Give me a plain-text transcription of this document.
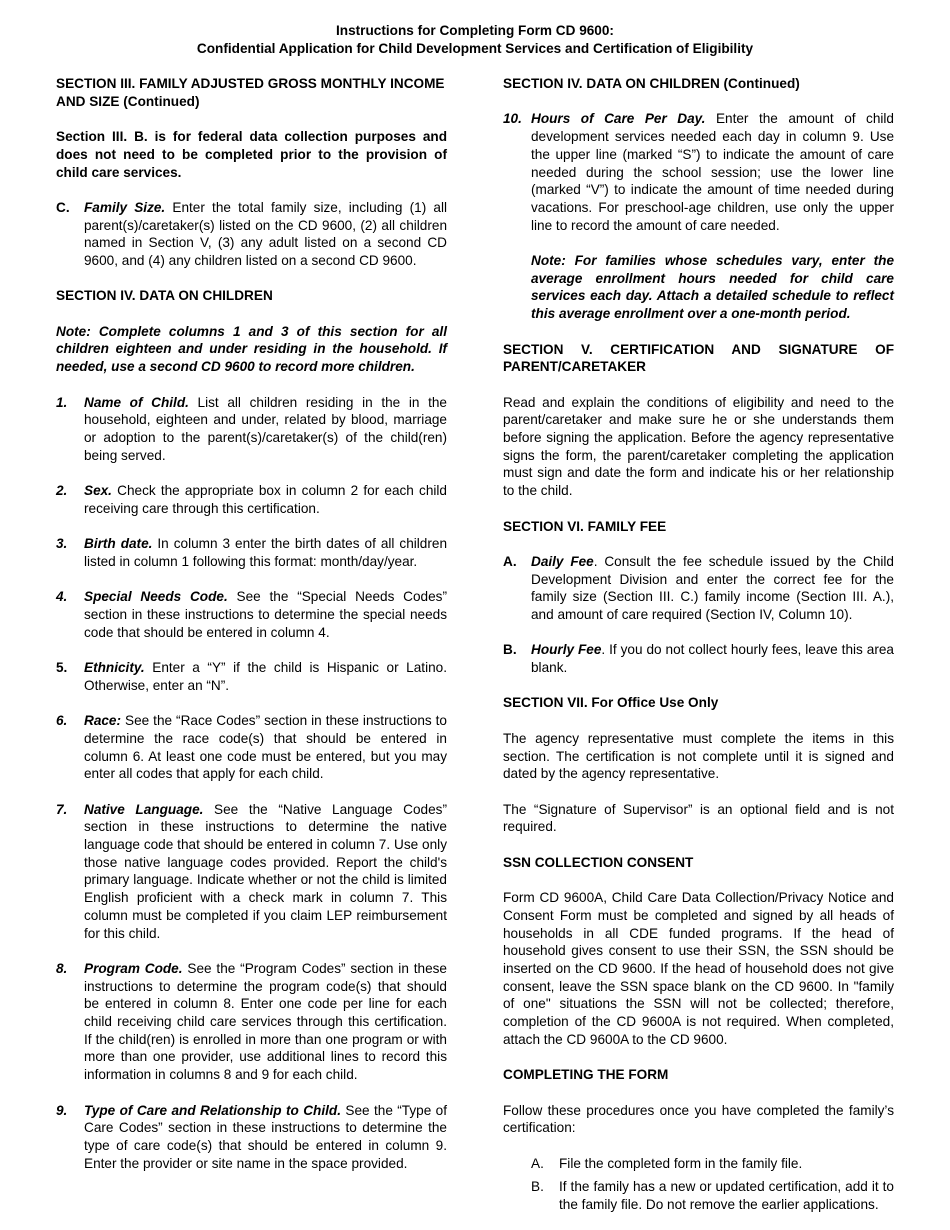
Instructions for Completing Form CD 9600:
Confidential Application for Child Development Services and Certification of Eligibility
SECTION III. FAMILY ADJUSTED GROSS MONTHLY INCOME AND SIZE (Continued)
Section III. B. is for federal data collection purposes and does not need to be completed prior to the provision of child care services.
C.	Family Size. Enter the total family size, including (1) all parent(s)/caretaker(s) listed on the CD 9600, (2) all children named in Section V, (3) any adult listed on a second CD 9600, and (4) any children listed on a second CD 9600.
SECTION IV. DATA ON CHILDREN
Note: Complete columns 1 and 3 of this section for all children eighteen and under residing in the household. If needed, use a second CD 9600 to record more children.
1.	Name of Child. List all children residing in the in the household, eighteen and under, related by blood, marriage or adoption to the parent(s)/caretaker(s) of the child(ren) being served.
2.	Sex. Check the appropriate box in column 2 for each child receiving care through this certification.
3.	Birth date. In column 3 enter the birth dates of all children listed in column 1 following this format: month/day/year.
4.	Special Needs Code. See the “Special Needs Codes” section in these instructions to determine the special needs code that should be entered in column 4.
5.	Ethnicity. Enter a “Y” if the child is Hispanic or Latino. Otherwise, enter an “N”.
6.	Race: See the “Race Codes” section in these instructions to determine the race code(s) that should be entered in column 6. At least one code must be entered, but you may enter all codes that apply for each child.
7.	Native Language. See the “Native Language Codes” section in these instructions to determine the native language code that should be entered in column 7. Use only those native language codes provided. Report the child's primary language. Indicate whether or not the child is limited English proficient with a check mark in column 7. This column must be completed if you claim LEP reimbursement for this child.
8.	Program Code. See the “Program Codes” section in these instructions to determine the program code(s) that should be entered in column 8. Enter one code per line for each child receiving child care services through this certification. If the child(ren) is enrolled in more than one program or with more than one provider, use additional lines to record this information in columns 8 and 9 for each child.
9.	Type of Care and Relationship to Child. See the “Type of Care Codes” section in these instructions to determine the type of care code(s) that should be entered in column 9. Enter the provider or site name in the space provided.
SECTION IV. DATA ON CHILDREN (Continued)
10. Hours of Care Per Day. Enter the amount of child development services needed each day in column 9. Use the upper line (marked “S”) to indicate the amount of care needed during the school session; use the lower line (marked “V”) to indicate the amount of time needed during vacations. For preschool-age children, use only the upper line to record the amount of care needed.
Note: For families whose schedules vary, enter the average enrollment hours needed for child care services each day. Attach a detailed schedule to reflect this average enrollment over a one-month period.
SECTION V. CERTIFICATION AND SIGNATURE OF PARENT/CARETAKER
Read and explain the conditions of eligibility and need to the parent/caretaker and make sure he or she understands them before signing the application. Before the agency representative signs the form, the parent/caretaker completing the application must sign and date the form and indicate his or her relationship to the child.
SECTION VI. FAMILY FEE
A.	Daily Fee. Consult the fee schedule issued by the Child Development Division and enter the correct fee for the family size (Section III. C.) family income (Section III. A.), and amount of care required (Section IV, Column 10).
B.	Hourly Fee. If you do not collect hourly fees, leave this area blank.
SECTION VII. For Office Use Only
The agency representative must complete the items in this section. The certification is not complete until it is signed and dated by the agency representative.
The “Signature of Supervisor” is an optional field and is not required.
SSN COLLECTION CONSENT
Form CD 9600A, Child Care Data Collection/Privacy Notice and Consent Form must be completed and signed by all heads of households in all CDE funded programs. If the head of household gives consent to use their SSN, the SSN should be inserted on the CD 9600. If the head of household does not give consent, leave the SSN space blank on the CD 9600. In "family of one" situations the SSN will not be collected; therefore, completion of the CD 9600A is not required. When completed, attach the CD 9600A to the CD 9600.
COMPLETING THE FORM
Follow these procedures once you have completed the family’s certification:
A.	File the completed form in the family file.
B.	If the family has a new or updated certification, add it to the family file. Do not remove the earlier applications.
